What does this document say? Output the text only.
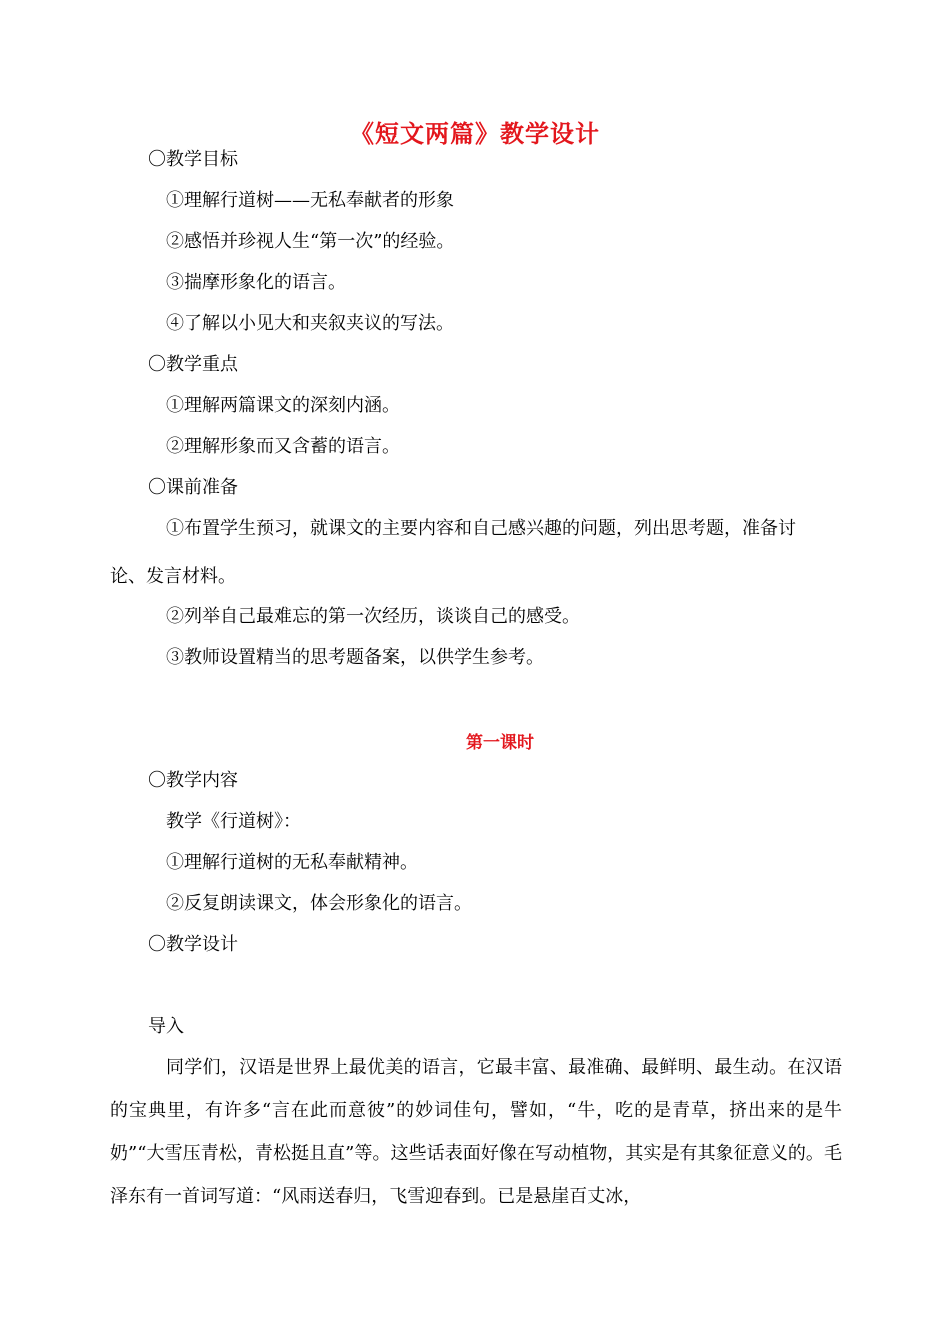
《短文两篇》教学设计
〇教学目标
①理解行道树——无私奉献者的形象
②感悟并珍视人生“第一次”的经验。
③揣摩形象化的语言。
④了解以小见大和夹叙夹议的写法。
〇教学重点
①理解两篇课文的深刻内涵。
②理解形象而又含蓄的语言。
〇课前准备
①布置学生预习，就课文的主要内容和自己感兴趣的问题，列出思考题，准备讨
论、发言材料。
②列举自己最难忘的第一次经历，谈谈自己的感受。
③教师设置精当的思考题备案，以供学生参考。
第一课时
〇教学内容
教学《行道树》：
①理解行道树的无私奉献精神。
②反复朗读课文，体会形象化的语言。
〇教学设计
导入
同学们，汉语是世界上最优美的语言，它最丰富、最准确、最鲜明、最生动。在汉语的宝典里，有许多“言在此而意彼”的妙词佳句，譬如，“牛，吃的是青草，挤出来的是牛奶”“大雪压青松，青松挺且直”等。这些话表面好像在写动植物，其实是有其象征意义的。毛泽东有一首词写道：“风雨送春归，飞雪迎春到。已是悬崖百丈冰，
